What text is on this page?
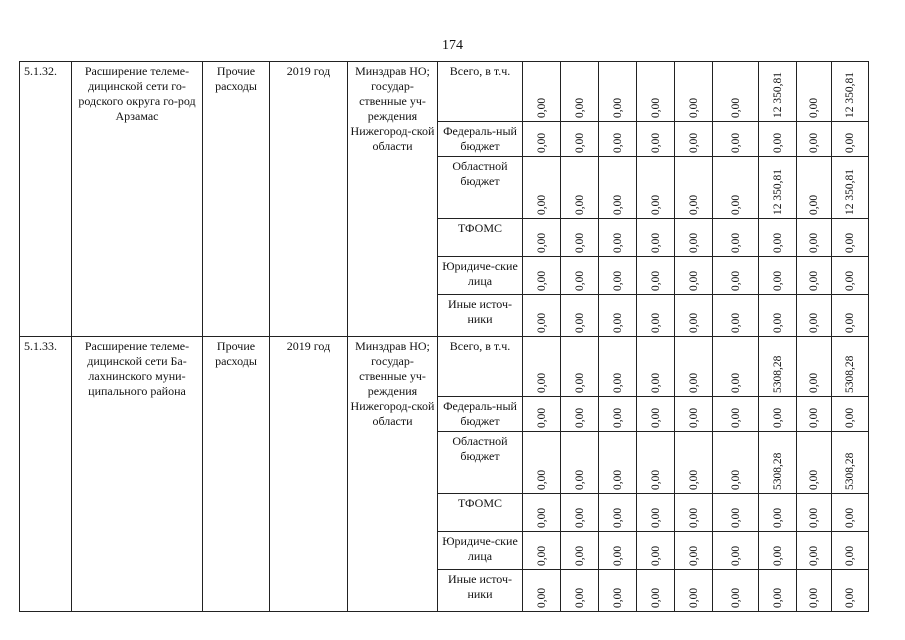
174
5.1.32.	Расширение телеме-дицинской сети го-родского округа го-род Арзамас	Прочие расходы	2019 год	Минздрав НО; государ-ственные уч-реждения Нижегород-ской области	Всего, в т.ч.	0,00	0,00	0,00	0,00	0,00	0,00	12 350,81	0,00	12 350,81

					Федераль-ный бюджет	0,00	0,00	0,00	0,00	0,00	0,00	0,00	0,00	0,00

					Областной бюджет	0,00	0,00	0,00	0,00	0,00	0,00	12 350,81	0,00	12 350,81

					ТФОМС	0,00	0,00	0,00	0,00	0,00	0,00	0,00	0,00	0,00

					Юридиче-ские лица	0,00	0,00	0,00	0,00	0,00	0,00	0,00	0,00	0,00

					Иные источ-ники	0,00	0,00	0,00	0,00	0,00	0,00	0,00	0,00	0,00

5.1.33.	Расширение телеме-дицинской сети Ба-лахнинского муни-ципального района	Прочие расходы	2019 год	Минздрав НО; государ-ственные уч-реждения Нижегород-ской области	Всего, в т.ч.	0,00	0,00	0,00	0,00	0,00	0,00	5308,28	0,00	5308,28

					Федераль-ный бюджет	0,00	0,00	0,00	0,00	0,00	0,00	0,00	0,00	0,00

					Областной бюджет	0,00	0,00	0,00	0,00	0,00	0,00	5308,28	0,00	5308,28

					ТФОМС	0,00	0,00	0,00	0,00	0,00	0,00	0,00	0,00	0,00

					Юридиче-ские лица	0,00	0,00	0,00	0,00	0,00	0,00	0,00	0,00	0,00

					Иные источ-ники	0,00	0,00	0,00	0,00	0,00	0,00	0,00	0,00	0,00
